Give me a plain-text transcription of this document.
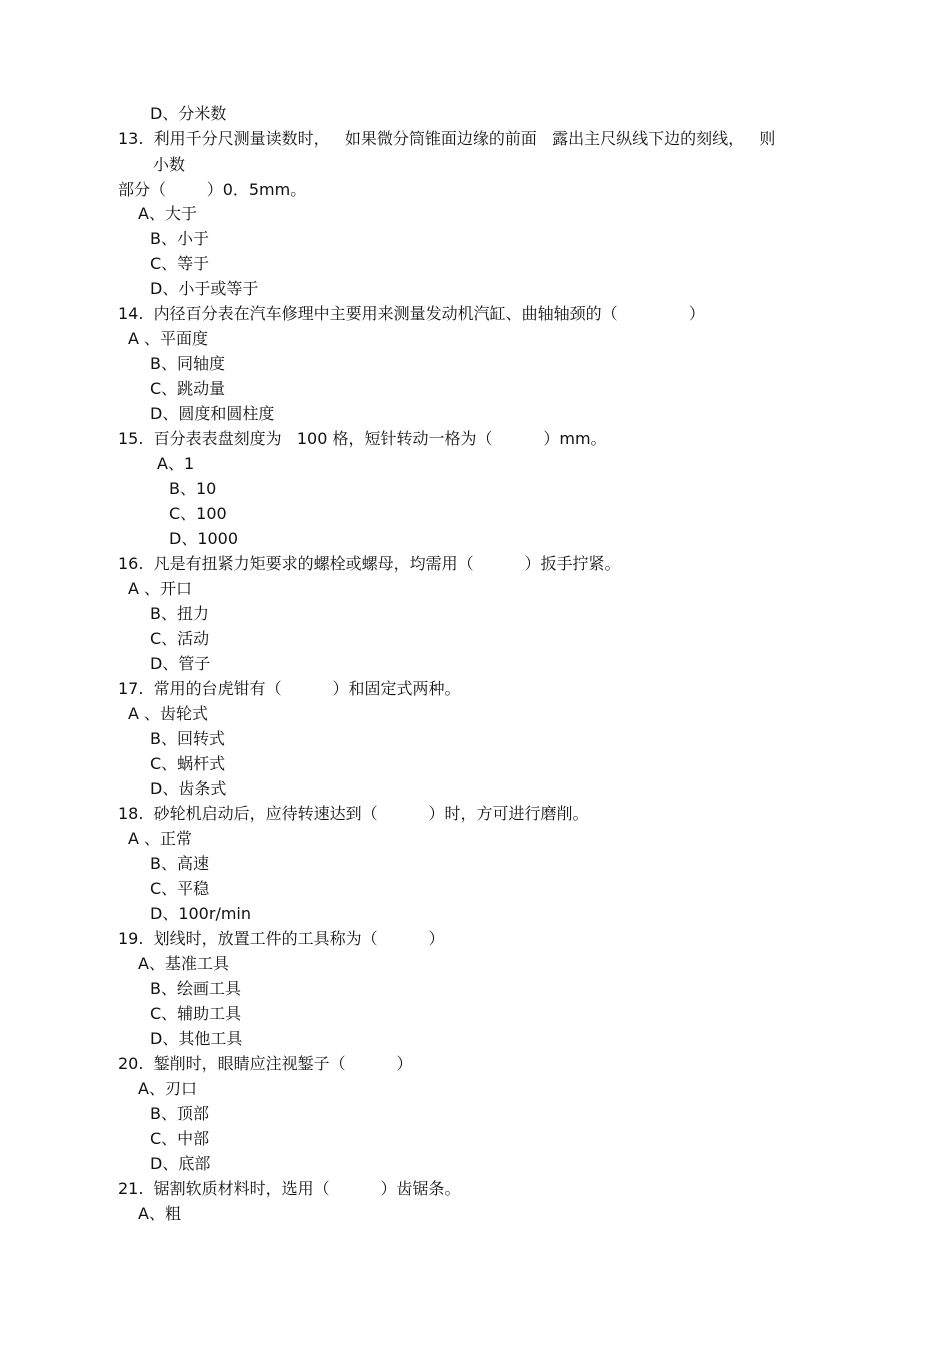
D、分米数
13.  利用千分尺测量读数时，   如果微分筒锥面边缘的前面   露出主尺纵线下边的刻线，   则
小数
部分（        ）0．5mm。
A、大于
B、小于
C、等于
D、小于或等于
14.  内径百分表在汽车修理中主要用来测量发动机汽缸、曲轴轴颈的（              ）
A 、平面度
B、同轴度
C、跳动量
D、圆度和圆柱度
15.  百分表表盘刻度为   100 格，短针转动一格为（          ）mm。
A、1
B、10
C、100
D、1000
16.  凡是有扭紧力矩要求的螺栓或螺母，均需用（          ）扳手拧紧。
A 、开口
B、扭力
C、活动
D、管子
17.  常用的台虎钳有（          ）和固定式两种。
A 、齿轮式
B、回转式
C、蜗杆式
D、齿条式
18.  砂轮机启动后，应待转速达到（          ）时，方可进行磨削。
A 、正常
B、高速
C、平稳
D、100r/min
19.  划线时，放置工件的工具称为（          ）
A、基准工具
B、绘画工具
C、辅助工具
D、其他工具
20.  錾削时，眼睛应注视錾子（          ）
A、刃口
B、顶部
C、中部
D、底部
21.  锯割软质材料时，选用（          ）齿锯条。
A、粗
